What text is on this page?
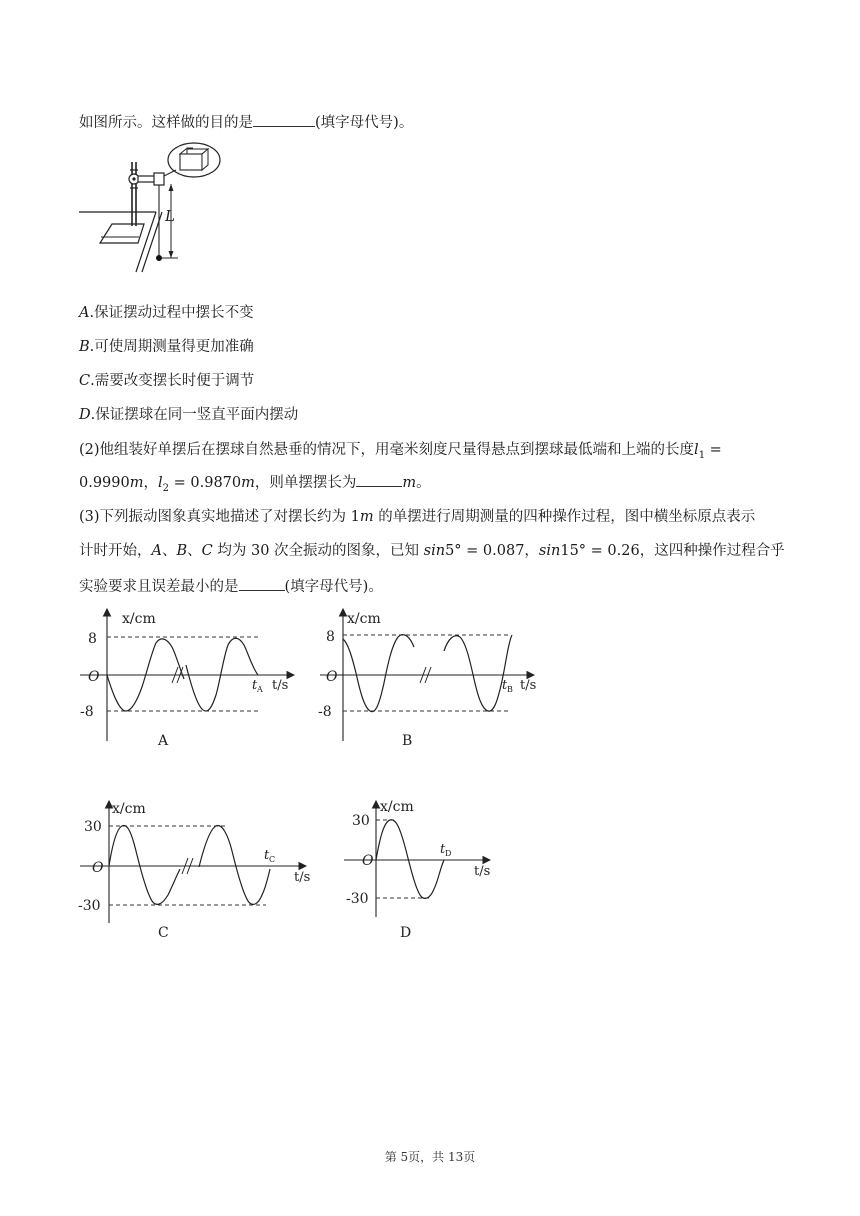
如图所示。这样做的目的是	(填字母代号)。
L
A.保证摆动过程中摆长不变
B.可使周期测量得更加准确
C.需要改变摆长时便于调节
D.保证摆球在同一竖直平面内摆动
(2)他组装好单摆后在摆球自然悬垂的情况下，用毫米刻度尺量得悬点到摆球最低端和上端的长度$l_1$ =
0.9990m，$l_2 = 0.9870m$，则单摆摆长为	m。
(3)下列振动图象真实地描述了对摆长约为 1m 的单摆进行周期测量的四种操作过程，图中横坐标原点表示
计时开始，A、B、C 均为 30 次全振动的图象，已知 sin5° = 0.087，sin15° = 0.26，这四种操作过程合乎
实验要求且误差最小的是	(填字母代号)。
x/cm
8
-8
O
t A t/s
A
x/cm
8
-8
O
t B t/s
B
x/cm
30
-30
O
t C
t/s
C
x/cm
30
-30
O
t D
t/s
D
第 5页，共 13页
